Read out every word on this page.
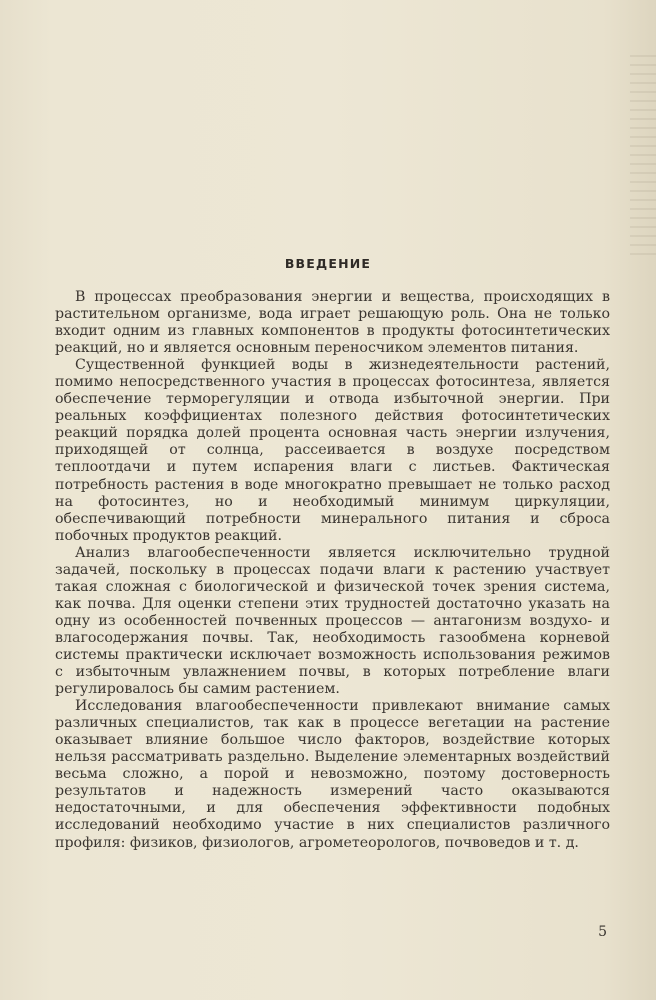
ВВЕДЕНИЕ

В процессах преобразования энергии и вещества, происходящих в растительном организме, вода играет решающую роль. Она не только входит одним из главных компонентов в продукты фотосинтетических реакций, но и является основным переносчиком элементов питания.

Существенной функцией воды в жизнедеятельности растений, помимо непосредственного участия в процессах фотосинтеза, является обеспечение терморегуляции и отвода избыточной энергии. При реальных коэффициентах полезного действия фотосинтетических реакций порядка долей процента основная часть энергии излучения, приходящей от солнца, рассеивается в воздухе посредством теплоотдачи и путем испарения влаги с листьев. Фактическая потребность растения в воде многократно превышает не только расход на фотосинтез, но и необходимый минимум циркуляции, обеспечивающий потребности минерального питания и сброса побочных продуктов реакций.

Анализ влагообеспеченности является исключительно трудной задачей, поскольку в процессах подачи влаги к растению участвует такая сложная с биологической и физической точек зрения система, как почва. Для оценки степени этих трудностей достаточно указать на одну из особенностей почвенных процессов — антагонизм воздухо- и влагосодержания почвы. Так, необходимость газообмена корневой системы практически исключает возможность использования режимов с избыточным увлажнением почвы, в которых потребление влаги регулировалось бы самим растением.

Исследования влагообеспеченности привлекают внимание самых различных специалистов, так как в процессе вегетации на растение оказывает влияние большое число факторов, воздействие которых нельзя рассматривать раздельно. Выделение элементарных воздействий весьма сложно, а порой и невозможно, поэтому достоверность результатов и надежность измерений часто оказываются недостаточными, и для обеспечения эффективности подобных исследований необходимо участие в них специалистов различного профиля: физиков, физиологов, агрометеорологов, почвоведов и т. д.

5
